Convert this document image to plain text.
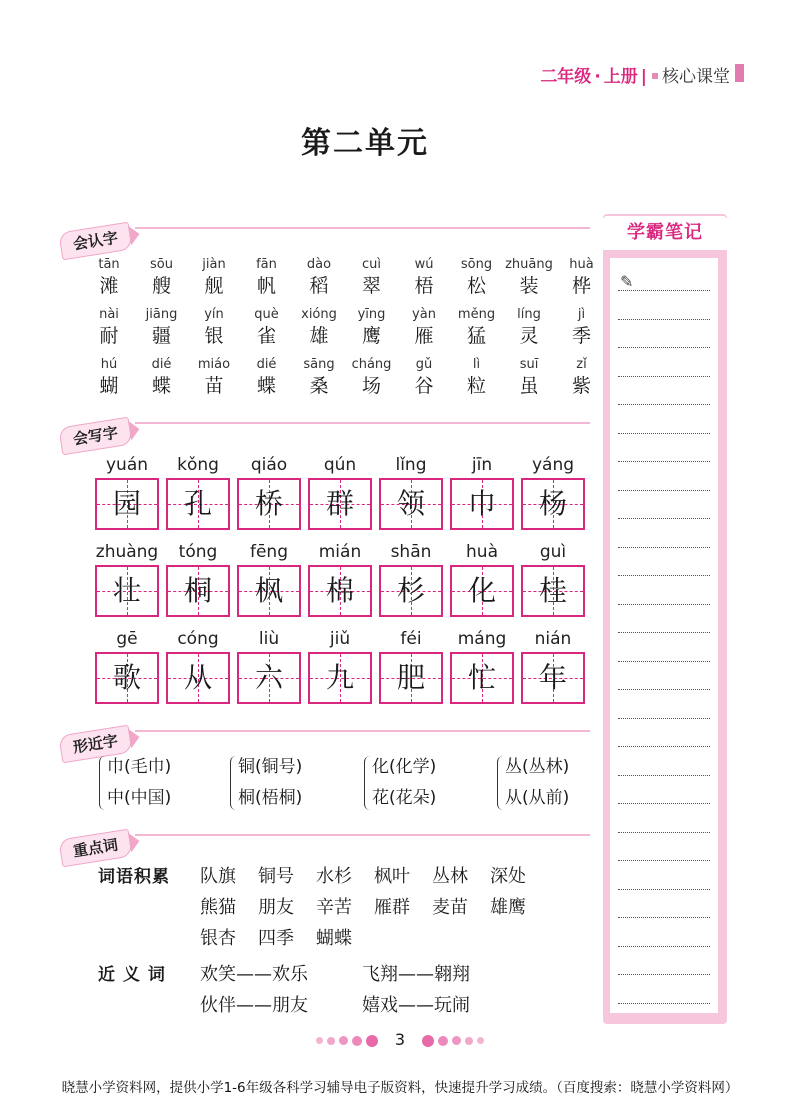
二年级 · 上册 | 核心课堂
第二单元
会认字
tān
滩
sōu
艘
jiàn
舰
fān
帆
dào
稻
cuì
翠
wú
梧
sōng
松
zhuāng
装
huà
桦
nài
耐
jiāng
疆
yín
银
què
雀
xióng
雄
yīng
鹰
yàn
雁
měng
猛
líng
灵
jì
季
hú
蝴
dié
蝶
miáo
苗
dié
蝶
sāng
桑
cháng
场
gǔ
谷
lì
粒
suī
虽
zǐ
紫
会写字
yuán
园
kǒng
孔
qiáo
桥
qún
群
lǐng
领
jīn
巾
yáng
杨
zhuàng
壮
tóng
桐
fēng
枫
mián
棉
shān
杉
huà
化
guì
桂
gē
歌
cóng
从
liù
六
jiǔ
九
féi
肥
máng
忙
nián
年
形近字
巾(毛巾)
中(中国)
铜(铜号)
桐(梧桐)
化(化学)
花(花朵)
丛(丛林)
从(从前)
重点词
词语积累 队旗 铜号 水杉 枫叶 丛林 深处
熊猫 朋友 辛苦 雁群 麦苗 雄鹰
银杏 四季 蝴蝶
近 义 词 欢笑——欢乐	飞翔——翱翔
伙伴——朋友	嬉戏——玩闹
学霸笔记
✎
3
晓慧小学资料网，提供小学1-6年级各科学习辅导电子版资料，快速提升学习成绩。（百度搜索：晓慧小学资料网）
